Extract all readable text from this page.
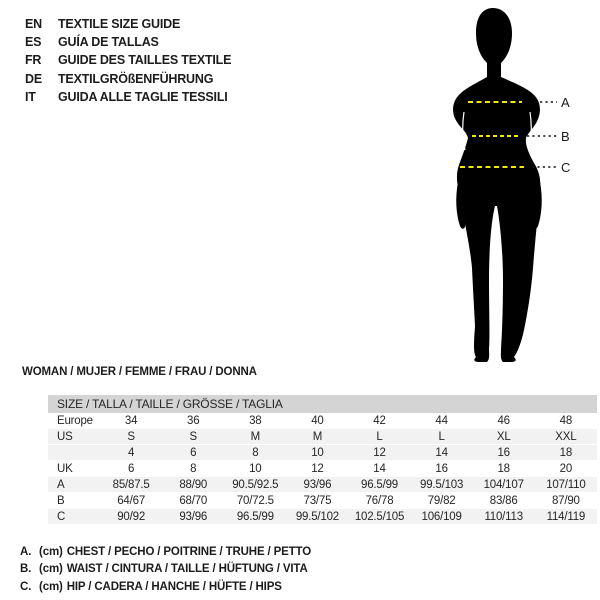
EN TEXTILE SIZE GUIDE
ES GUÍA DE TALLAS
FR GUIDE DES TAILLES TEXTILE
DE TEXTILGRÖßENFÜHRUNG
IT GUIDA ALLE TAGLIE TESSILI	A
B
C
WOMAN / MUJER / FEMME / FRAU / DONNA
SIZE / TALLA / TAILLE / GRÖSSE / TAGLIA								
Europe	34	36	38	40	42	44	46	48
US	S	S	M	M	L	L	XL	XXL
	4	6	8	10	12	14	16	18
UK	6	8	10	12	14	16	18	20
A	85/87.5	88/90	90.5/92.5	93/96	96.5/99	99.5/103	104/107	107/110
B	64/67	68/70	70/72.5	73/75	76/78	79/82	83/86	87/90
C	90/92	93/96	96.5/99	99.5/102	102.5/105	106/109	110/113	114/119
A. (cm) CHEST / PECHO / POITRINE / TRUHE / PETTO
B. (cm) WAIST / CINTURA / TAILLE / HÜFTUNG / VITA
C. (cm) HIP / CADERA / HANCHE / HÜFTE / HIPS
